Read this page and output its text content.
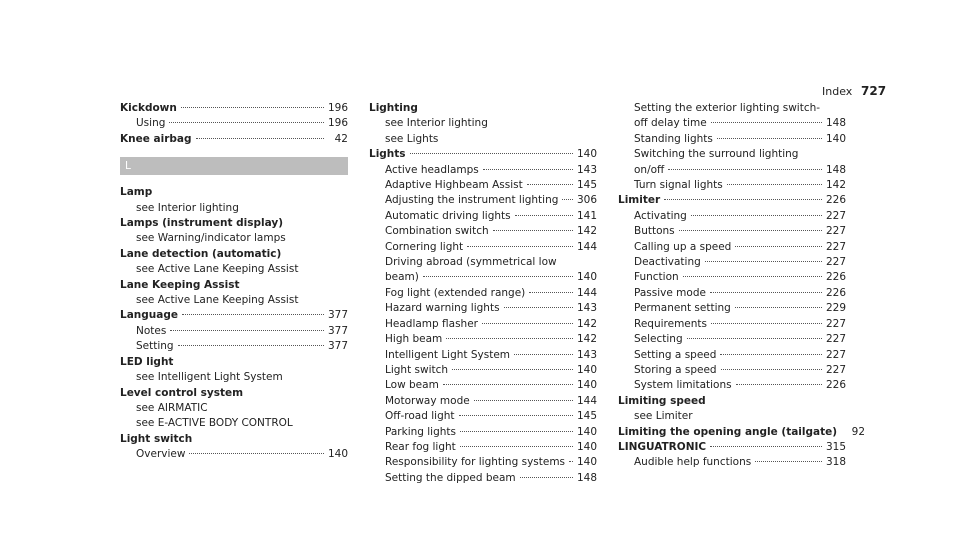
Index 727
Kickdown	196
Using	196
Knee airbag	42
L
Lamp
see Interior lighting
Lamps (instrument display)
see Warning/indicator lamps
Lane detection (automatic)
see Active Lane Keeping Assist
Lane Keeping Assist
see Active Lane Keeping Assist
Language	377
Notes	377
Setting	377
LED light
see Intelligent Light System
Level control system
see AIRMATIC
see E-ACTIVE BODY CONTROL
Light switch
Overview	140
Lighting
see Interior lighting
see Lights
Lights	140
Active headlamps	143
Adaptive Highbeam Assist	145
Adjusting the instrument lighting 306
Automatic driving lights	141
Combination switch	142
Cornering light	144
Driving abroad (symmetrical low
beam)	140
Fog light (extended range)	144
Hazard warning lights	143
Headlamp flasher	142
High beam	142
Intelligent Light System	143
Light switch	140
Low beam	140
Motorway mode	144
Off-road light	145
Parking lights	140
Rear fog light	140
Responsibility for lighting systems 140
Setting the dipped beam	148
Setting the exterior lighting switch-
off delay time	148
Standing lights	140
Switching the surround lighting
on/off	148
Turn signal lights	142
Limiter	226
Activating	227
Buttons	227
Calling up a speed	227
Deactivating	227
Function	226
Passive mode	226
Permanent setting	229
Requirements	227
Selecting	227
Setting a speed	227
Storing a speed	227
System limitations	226
Limiting speed
see Limiter
Limiting the opening angle (tailgate)	92
LINGUATRONIC	315
Audible help functions	318
